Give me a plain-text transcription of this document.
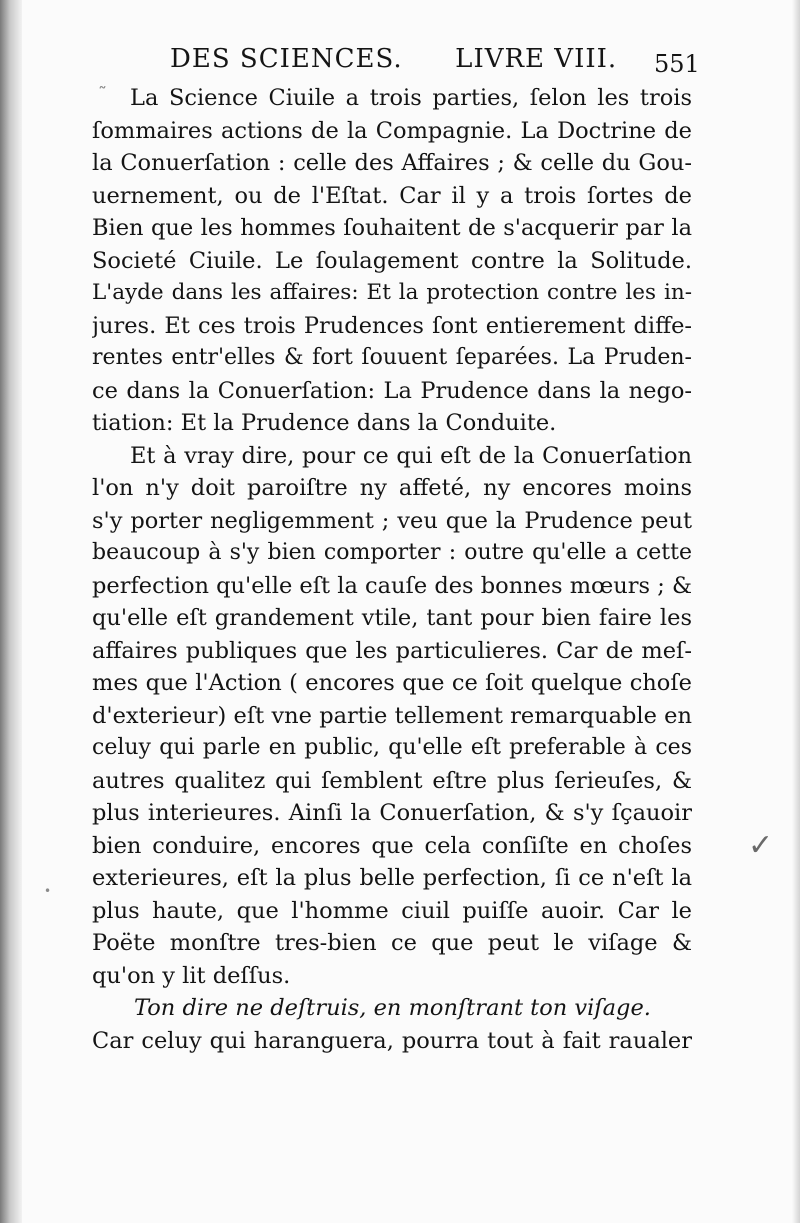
DES SCIENCES. LIVRE VIII.	551
La Science Ciuile a trois parties, ſelon les trois
ſommaires actions de la Compagnie. La Doctrine de
la Conuerſation : celle des Affaires ; & celle du Gou-
uernement, ou de l'Eſtat. Car il y a trois ſortes de
Bien que les hommes ſouhaitent de s'acquerir par la
Societé Ciuile. Le ſoulagement contre la Solitude.
L'ayde dans les affaires: Et la protection contre les in-
jures. Et ces trois Prudences ſont entierement diffe-
rentes entr'elles & fort ſouuent ſeparées. La Pruden-
ce dans la Conuerſation: La Prudence dans la nego-
tiation: Et la Prudence dans la Conduite.
Et à vray dire, pour ce qui eſt de la Conuerſation
l'on n'y doit paroiſtre ny affeté, ny encores moins
s'y porter negligemment ; veu que la Prudence peut
beaucoup à s'y bien comporter : outre qu'elle a cette
perfection qu'elle eſt la cauſe des bonnes mœurs ; &
qu'elle eſt grandement vtile, tant pour bien faire les
affaires publiques que les particulieres. Car de meſ-
mes que l'Action ( encores que ce ſoit quelque choſe
d'exterieur) eſt vne partie tellement remarquable en
celuy qui parle en public, qu'elle eſt preferable à ces
autres qualitez qui ſemblent eſtre plus ſerieuſes, &
plus interieures. Ainſi la Conuerſation, & s'y ſçauoir
bien conduire, encores que cela conſiſte en choſes
exterieures, eſt la plus belle perfection, ſi ce n'eſt la
plus haute, que l'homme ciuil puiſſe auoir. Car le
Poëte monſtre tres-bien ce que peut le viſage &
qu'on y lit deſſus.
Ton dire ne deſtruis, en monſtrant ton viſage.
Car celuy qui haranguera, pourra tout à fait raualer
˜
✓
•
